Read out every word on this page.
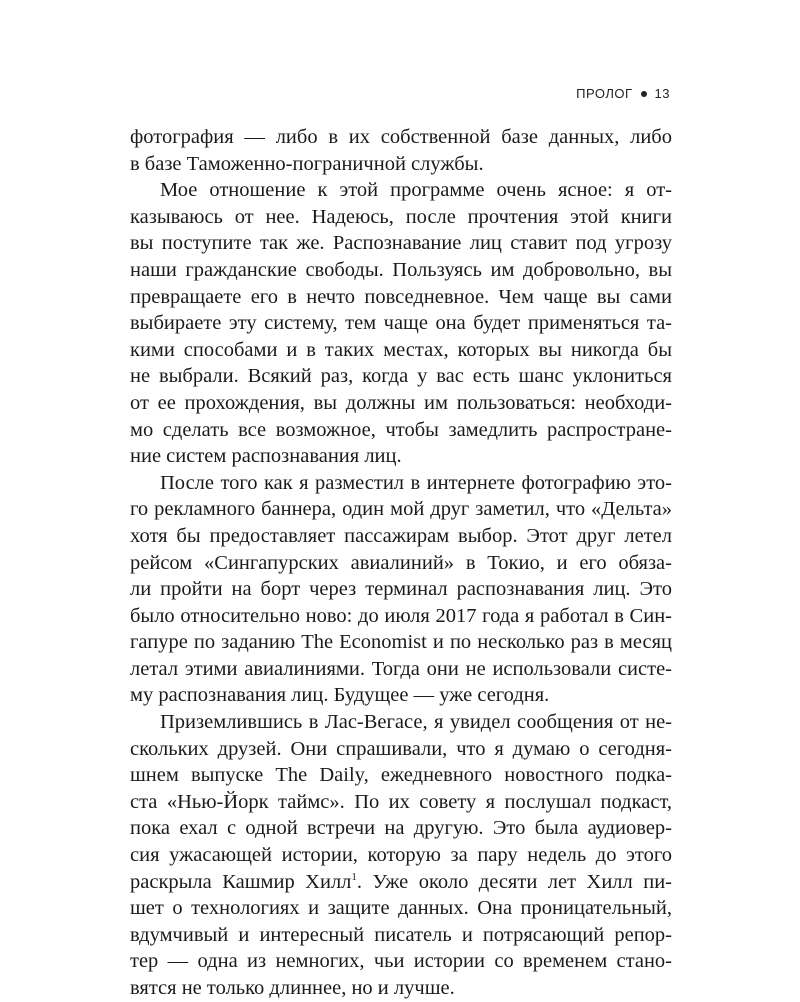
ПРОЛОГ 13

фотография — либо в их собственной базе данных, либо
в базе Таможенно-пограничной службы.

Мое отношение к этой программе очень ясное: я от-
казываюсь от нее. Надеюсь, после прочтения этой книги
вы поступите так же. Распознавание лиц ставит под угрозу
наши гражданские свободы. Пользуясь им добровольно, вы
превращаете его в нечто повседневное. Чем чаще вы сами
выбираете эту систему, тем чаще она будет применяться та-
кими способами и в таких местах, которых вы никогда бы
не выбрали. Всякий раз, когда у вас есть шанс уклониться
от ее прохождения, вы должны им пользоваться: необходи-
мо сделать все возможное, чтобы замедлить распростране-
ние систем распознавания лиц.

После того как я разместил в интернете фотографию это-
го рекламного баннера, один мой друг заметил, что «Дельта»
хотя бы предоставляет пассажирам выбор. Этот друг летел
рейсом «Сингапурских авиалиний» в Токио, и его обяза-
ли пройти на борт через терминал распознавания лиц. Это
было относительно ново: до июля 2017 года я работал в Син-
гапуре по заданию The Economist и по несколько раз в месяц
летал этими авиалиниями. Тогда они не использовали систе-
му распознавания лиц. Будущее — уже сегодня.

Приземлившись в Лас-Вегасе, я увидел сообщения от не-
скольких друзей. Они спрашивали, что я думаю о сегодня-
шнем выпуске The Daily, ежедневного новостного подка-
ста «Нью-Йорк таймс». По их совету я послушал подкаст,
пока ехал с одной встречи на другую. Это была аудиовер-
сия ужасающей истории, которую за пару недель до этого
раскрыла Кашмир Хилл$^1$. Уже около десяти лет Хилл пи-
шет о технологиях и защите данных. Она проницательный,
вдумчивый и интересный писатель и потрясающий репор-
тер — одна из немногих, чьи истории со временем стано-
вятся не только длиннее, но и лучше.
